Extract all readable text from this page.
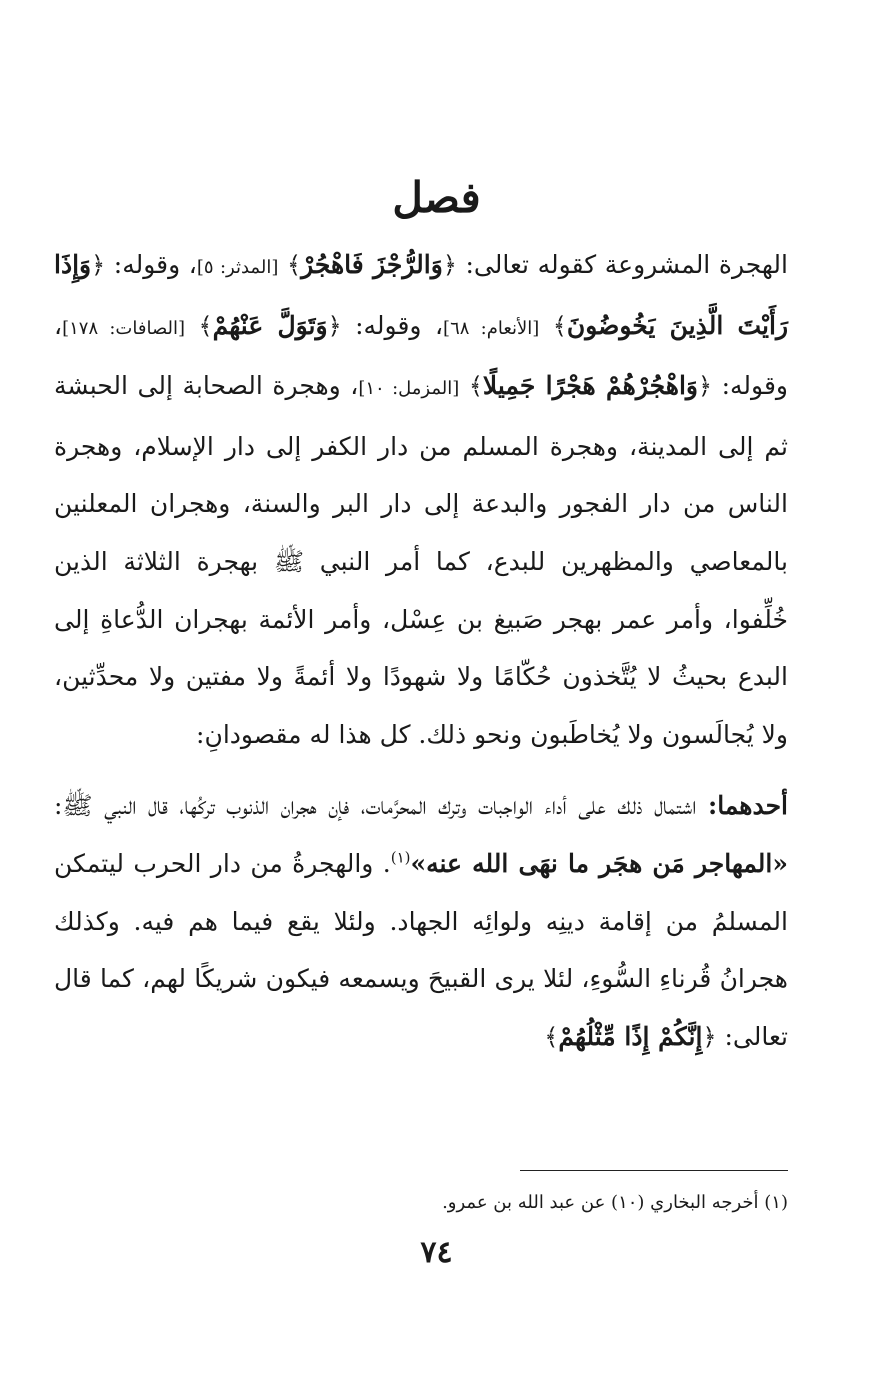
فصل

الهجرة المشروعة كقوله تعالى: ﴿وَالرُّجْزَ فَاهْجُرْ﴾ [المدثر: ٥]، وقوله: ﴿وَإِذَا رَأَيْتَ الَّذِينَ يَخُوضُونَ﴾ [الأنعام: ٦٨]، وقوله: ﴿وَتَوَلَّ عَنْهُمْ﴾ [الصافات: ١٧٨]، وقوله: ﴿وَاهْجُرْهُمْ هَجْرًا جَمِيلًا﴾ [المزمل: ١٠]، وهجرة الصحابة إلى الحبشة ثم إلى المدينة، وهجرة المسلم من دار الكفر إلى دار الإسلام، وهجرة الناس من دار الفجور والبدعة إلى دار البر والسنة، وهجران المعلنين بالمعاصي والمظهرين للبدع، كما أمر النبي ﷺ بهجرة الثلاثة الذين خُلِّفوا، وأمر عمر بهجر صَبيغ بن عِسْل، وأمر الأئمة بهجران الدُّعاةِ إلى البدع بحيثُ لا يُتَّخذون حُكّامًا ولا شهودًا ولا أئمةً ولا مفتين ولا محدِّثين، ولا يُجالَسون ولا يُخاطَبون ونحو ذلك. كل هذا له مقصودانِ:

أحدهما: اشتمال ذلك على أداء الواجبات وترك المحرَّمات، فإن هجران الذنوب تركُها، قال النبي ﷺ: «المهاجر مَن هجَر ما نهَى الله عنه»$^{(١)}$. والهجرةُ من دار الحرب ليتمكن المسلمُ من إقامة دينِه ولوائِه الجهاد. ولئلا يقع فيما هم فيه. وكذلك هجرانُ قُرناءِ السُّوءِ، لئلا يرى القبيحَ ويسمعه فيكون شريكًا لهم، كما قال تعالى: ﴿إِنَّكُمْ إِذًا مِّثْلُهُمْ﴾

(١) أخرجه البخاري (١٠) عن عبد الله بن عمرو.
٧٤
